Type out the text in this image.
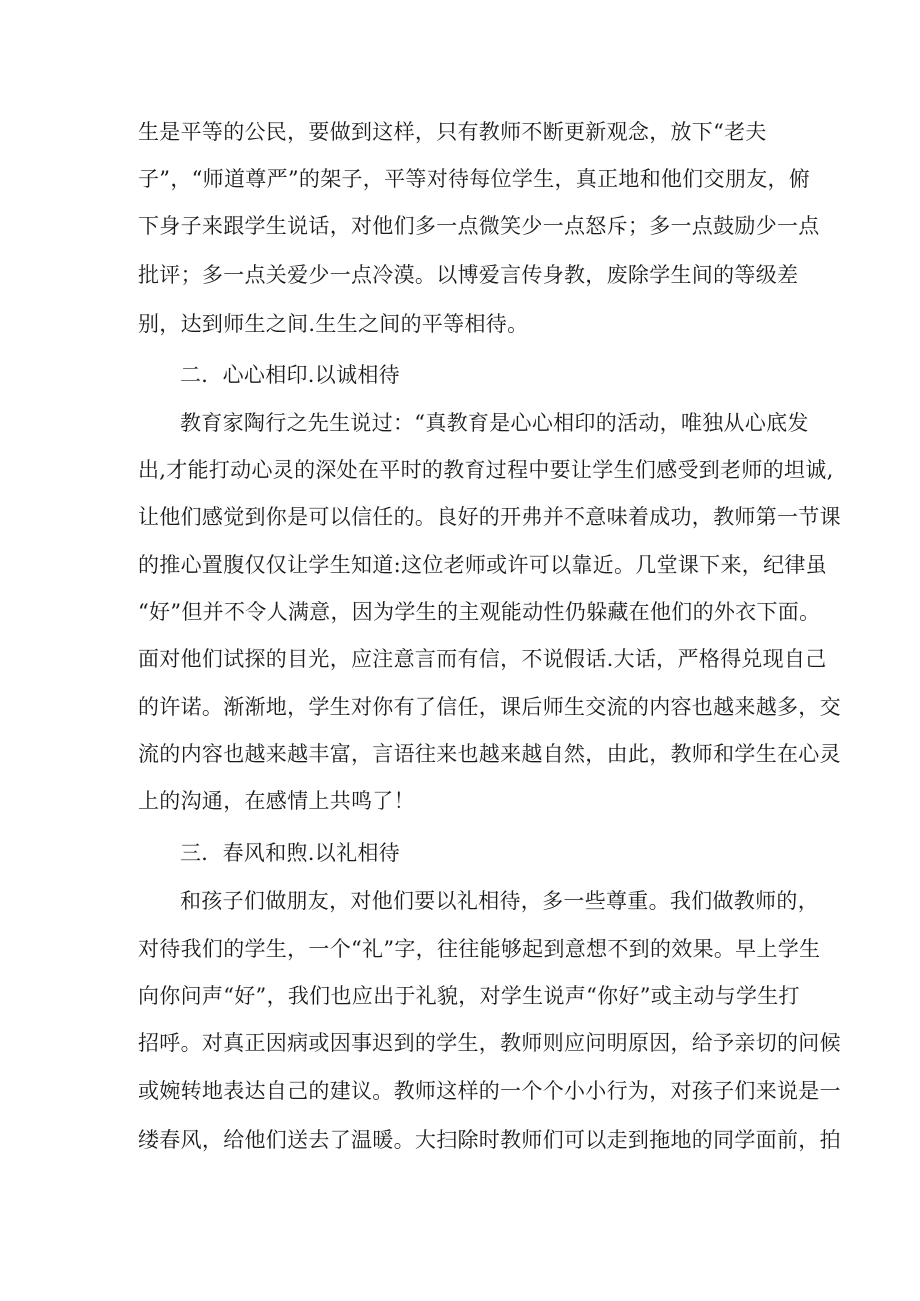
生是平等的公民，要做到这样，只有教师不断更新观念，放下“老夫
子”，“师道尊严”的架子，平等对待每位学生，真正地和他们交朋友，俯
下身子来跟学生说话，对他们多一点微笑少一点怒斥；多一点鼓励少一点
批评；多一点关爱少一点冷漠。以博爱言传身教，废除学生间的等级差
别，达到师生之间.生生之间的平等相待。
二．心心相印.以诚相待
教育家陶行之先生说过：“真教育是心心相印的活动，唯独从心底发
出,才能打动心灵的深处在平时的教育过程中要让学生们感受到老师的坦诚,
让他们感觉到你是可以信任的。良好的开弗并不意味着成功，教师第一节课
的推心置腹仅仅让学生知道:这位老师或许可以靠近。几堂课下来，纪律虽
“好”但并不令人满意，因为学生的主观能动性仍躲藏在他们的外衣下面。
面对他们试探的目光，应注意言而有信，不说假话.大话，严格得兑现自己
的许诺。渐渐地，学生对你有了信任，课后师生交流的内容也越来越多，交
流的内容也越来越丰富，言语往来也越来越自然，由此，教师和学生在心灵
上的沟通，在感情上共鸣了！
三．春风和煦.以礼相待
和孩子们做朋友，对他们要以礼相待，多一些尊重。我们做教师的，
对待我们的学生，一个“礼”字，往往能够起到意想不到的效果。早上学生
向你问声“好”，我们也应出于礼貌，对学生说声“你好”或主动与学生打
招呼。对真正因病或因事迟到的学生，教师则应问明原因，给予亲切的问候
或婉转地表达自己的建议。教师这样的一个个小小行为，对孩子们来说是一
缕春风，给他们送去了温暖。大扫除时教师们可以走到拖地的同学面前，拍
